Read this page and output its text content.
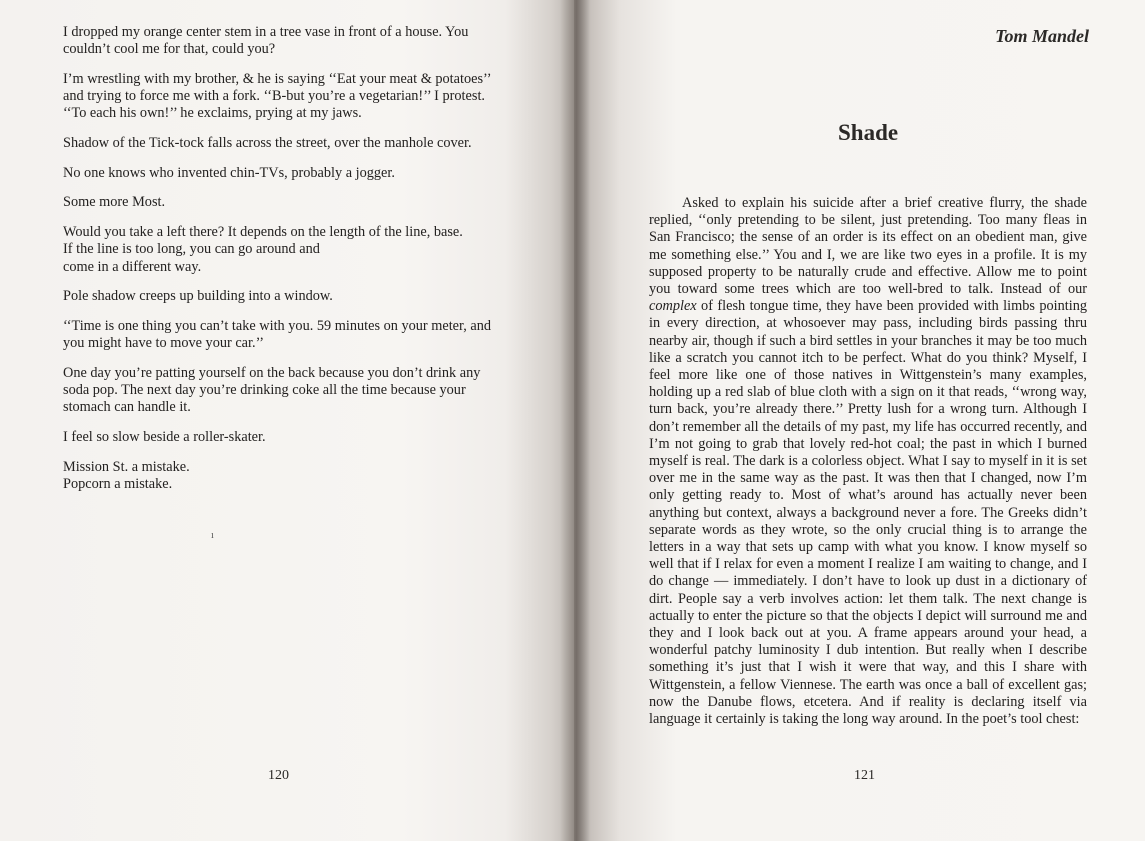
I dropped my orange center stem in a tree vase in front of a house. You
couldn’t cool me for that, could you?

I’m wrestling with my brother, & he is saying ‘‘Eat your meat & potatoes’’
and trying to force me with a fork. ‘‘B-but you’re a vegetarian!’’ I protest.
‘‘To each his own!’’ he exclaims, prying at my jaws.

Shadow of the Tick-tock falls across the street, over the manhole cover.

No one knows who invented chin-TVs, probably a jogger.

Some more Most.

Would you take a left there? It depends on the length of the line, base.
If the line is too long, you can go around and
come in a different way.

Pole shadow creeps up building into a window.

‘‘Time is one thing you can’t take with you. 59 minutes on your meter, and
you might have to move your car.’’

One day you’re patting yourself on the back because you don’t drink any
soda pop. The next day you’re drinking coke all the time because your
stomach can handle it.

I feel so slow beside a roller-skater.

Mission St. a mistake.
Popcorn a mistake.

ı
120
Tom Mandel
Shade

Asked to explain his suicide after a brief creative flurry, the shade replied, ‘‘only pretending to be silent, just pretending. Too many fleas in San Francisco; the sense of an order is its effect on an obedient man, give me something else.’’ You and I, we are like two eyes in a profile. It is my supposed property to be naturally crude and effective. Allow me to point you toward some trees which are too well-bred to talk. Instead of our complex of flesh tongue time, they have been provided with limbs pointing in every direction, at whosoever may pass, including birds passing thru nearby air, though if such a bird settles in your branches it may be too much like a scratch you cannot itch to be perfect. What do you think? Myself, I feel more like one of those natives in Wittgenstein’s many examples, holding up a red slab of blue cloth with a sign on it that reads, ‘‘wrong way, turn back, you’re already there.’’ Pretty lush for a wrong turn. Although I don’t remember all the details of my past, my life has occurred recently, and I’m not going to grab that lovely red-hot coal; the past in which I burned myself is real. The dark is a colorless object. What I say to myself in it is set over me in the same way as the past. It was then that I changed, now I’m only getting ready to. Most of what’s around has actually never been anything but context, always a background never a fore. The Greeks didn’t separate words as they wrote, so the only crucial thing is to arrange the letters in a way that sets up camp with what you know. I know myself so well that if I relax for even a moment I realize I am waiting to change, and I do change — immediately. I don’t have to look up dust in a dictionary of dirt. People say a verb involves action: let them talk. The next change is actually to enter the picture so that the objects I depict will surround me and they and I look back out at you. A frame appears around your head, a wonderful patchy luminosity I dub intention. But really when I describe something it’s just that I wish it were that way, and this I share with Wittgenstein, a fellow Viennese. The earth was once a ball of excellent gas; now the Danube flows, etcetera. And if reality is declaring itself via language it certainly is taking the long way around. In the poet’s tool chest:

121
